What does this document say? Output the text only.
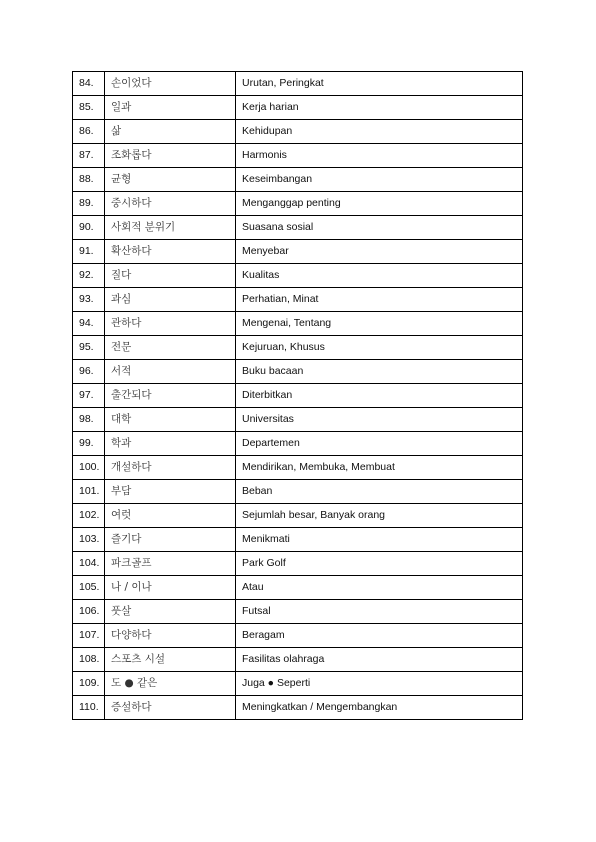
84.	손이었다	Urutan, Peringkat
85.	일과	Kerja harian
86.	삶	Kehidupan
87.	조화롭다	Harmonis
88.	균형	Keseimbangan
89.	중시하다	Menganggap penting
90.	사회적 분위기	Suasana sosial
91.	확산하다	Menyebar
92.	질다	Kualitas
93.	과심	Perhatian, Minat
94.	관하다	Mengenai, Tentang
95.	전문	Kejuruan, Khusus
96.	서적	Buku bacaan
97.	출간되다	Diterbitkan
98.	대학	Universitas
99.	학과	Departemen
100.	개설하다	Mendirikan, Membuka, Membuat
101.	부담	Beban
102.	여럿	Sejumlah besar, Banyak orang
103.	즐기다	Menikmati
104.	파크골프	Park Golf
105.	나 / 이나	Atau
106.	풋살	Futsal
107.	다양하다	Beragam
108.	스포츠 시설	Fasilitas olahraga
109.	도 ● 같은	Juga ● Seperti
110.	증설하다	Meningkatkan / Mengembangkan
